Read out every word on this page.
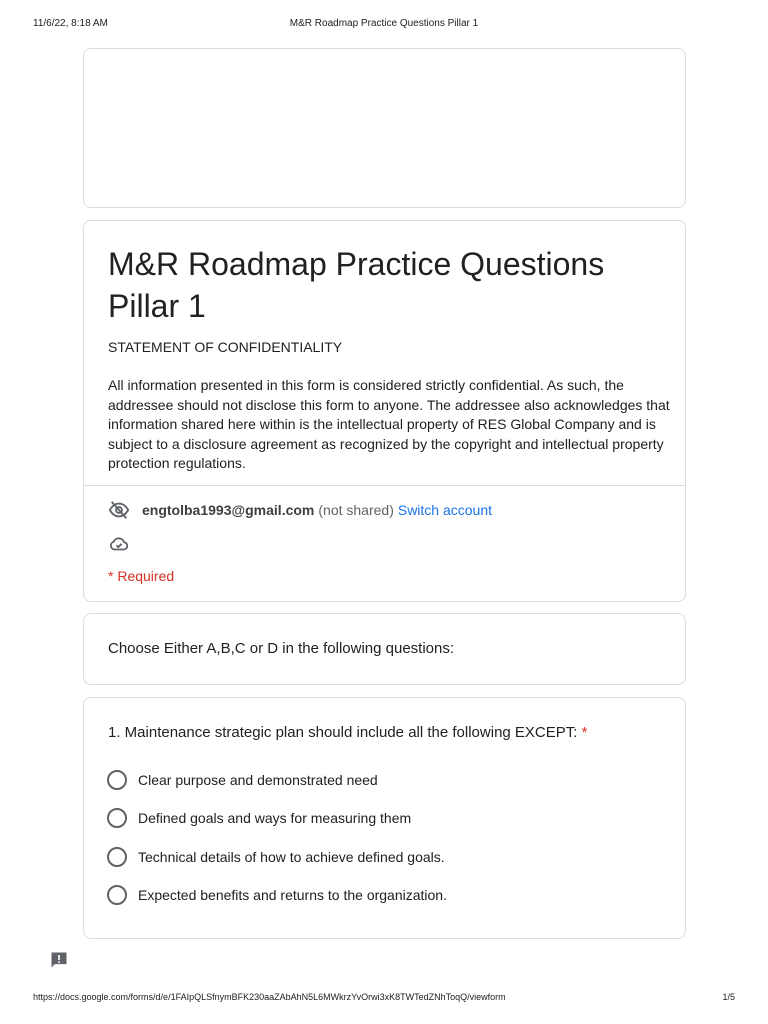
11/6/22, 8:18 AM	M&R Roadmap Practice Questions Pillar 1
M&R Roadmap Practice Questions Pillar 1
STATEMENT OF CONFIDENTIALITY
All information presented in this form is considered strictly confidential. As such, the addressee should not disclose this form to anyone. The addressee also acknowledges that information shared here within is the intellectual property of RES Global Company and is subject to a disclosure agreement as recognized by the copyright and intellectual property protection regulations.
engtolba1993@gmail.com (not shared) Switch account
* Required
Choose Either A,B,C or D in the following questions:
1. Maintenance strategic plan should include all the following EXCEPT: *
Clear purpose and demonstrated need
Defined goals and ways for measuring them
Technical details of how to achieve defined goals.
Expected benefits and returns to the organization.
https://docs.google.com/forms/d/e/1FAIpQLSfnymBFK230aaZAbAhN5L6MWkrzYvOrwi3xK8TWTedZNhToqQ/viewform	1/5
